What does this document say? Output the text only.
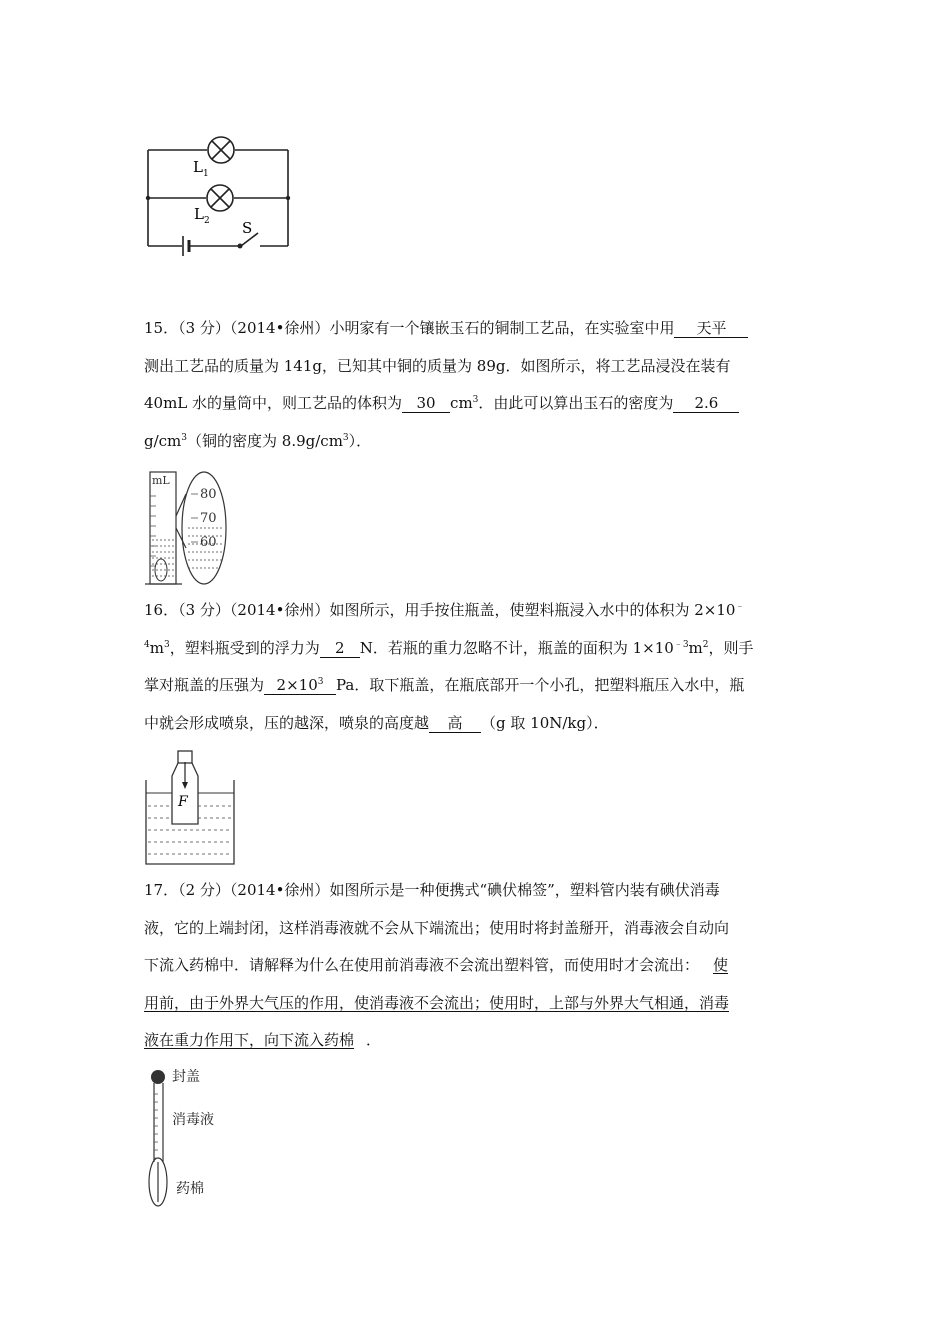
L 1
L 2 S
15．（3 分）（2014•徐州）小明家有一个镶嵌玉石的铜制工艺品，在实验室中用 天平
测出工艺品的质量为 141g，已知其中铜的质量为 89g．如图所示，将工艺品浸没在装有
40mL 水的量筒中，则工艺品的体积为 30 $cm^3$．由此可以算出玉石的密度为 2.6
$g/cm^3$（铜的密度为 $8.9g/cm^3$）．
mL
80
70
60
16．（3 分）（2014•徐州）如图所示，用手按住瓶盖，使塑料瓶浸入水中的体积为 2×10﹣
$^4m^3$，塑料瓶受到的浮力为 2 N．若瓶的重力忽略不计，瓶盖的面积为 $1\times 10^{﹣3}m^2$，则手
掌对瓶盖的压强为 $2\times 10^3$ Pa．取下瓶盖，在瓶底部开一个小孔，把塑料瓶压入水中，瓶
中就会形成喷泉，压的越深，喷泉的高度越 高 （g 取 10N/kg）．
F
17．（2 分）（2014•徐州）如图所示是一种便携式“碘伏棉签”，塑料管内装有碘伏消毒
液，它的上端封闭，这样消毒液就不会从下端流出；使用时将封盖掰开，消毒液会自动向
下流入药棉中．请解释为什么在使用前消毒液不会流出塑料管，而使用时才会流出： 使
用前，由于外界大气压的作用，使消毒液不会流出；使用时，上部与外界大气相通，消毒
液在重力作用下，向下流入药棉 ．
封盖
消毒液
药棉
